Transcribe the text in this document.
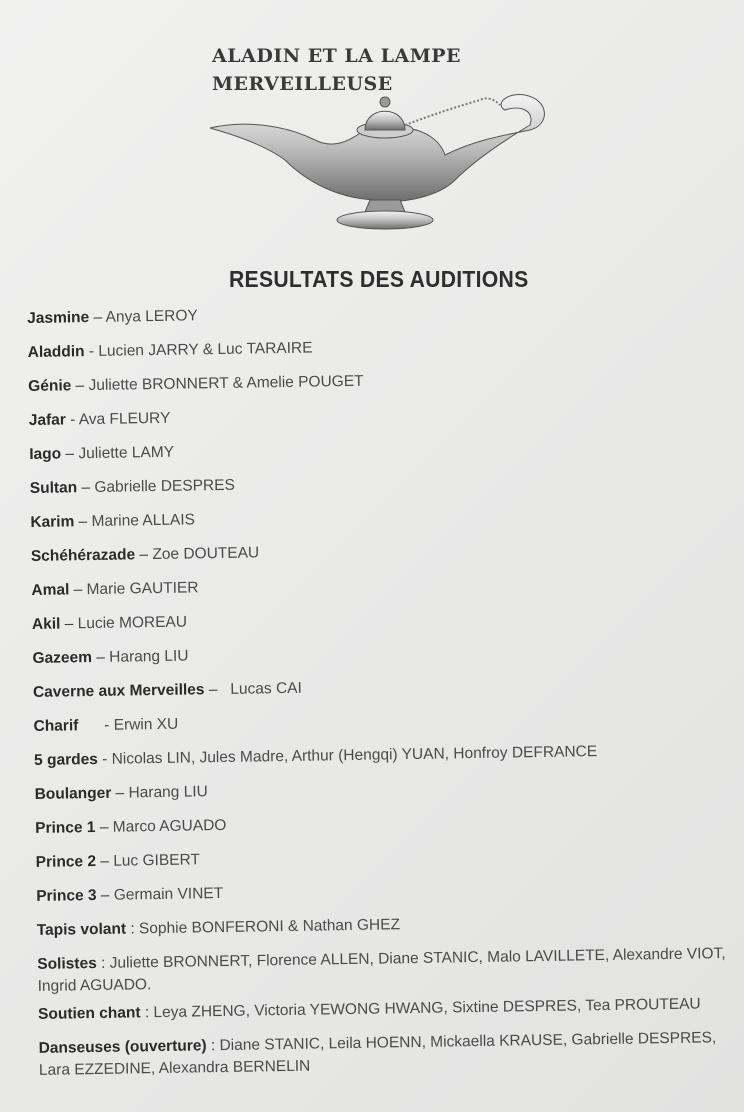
ALADIN ET LA LAMPE
MERVEILLEUSE
RESULTATS DES AUDITIONS
Jasmine – Anya LEROY
Aladdin - Lucien JARRY & Luc TARAIRE
Génie – Juliette BRONNERT & Amelie POUGET
Jafar - Ava FLEURY
Iago – Juliette LAMY
Sultan – Gabrielle DESPRES
Karim – Marine ALLAIS
Schéhérazade – Zoe DOUTEAU
Amal – Marie GAUTIER
Akil – Lucie MOREAU
Gazeem – Harang LIU
Caverne aux Merveilles –   Lucas CAI
Charif      - Erwin XU
5 gardes - Nicolas LIN, Jules Madre, Arthur (Hengqi) YUAN, Honfroy DEFRANCE
Boulanger – Harang LIU
Prince 1 – Marco AGUADO
Prince 2 – Luc GIBERT
Prince 3 – Germain VINET
Tapis volant : Sophie BONFERONI & Nathan GHEZ
Solistes : Juliette BRONNERT, Florence ALLEN, Diane STANIC, Malo LAVILLETE, Alexandre VIOT, Ingrid AGUADO.
Soutien chant : Leya ZHENG, Victoria YEWONG HWANG, Sixtine DESPRES, Tea PROUTEAU
Danseuses (ouverture) : Diane STANIC, Leila HOENN, Mickaella KRAUSE, Gabrielle DESPRES, Lara EZZEDINE, Alexandra BERNELIN
